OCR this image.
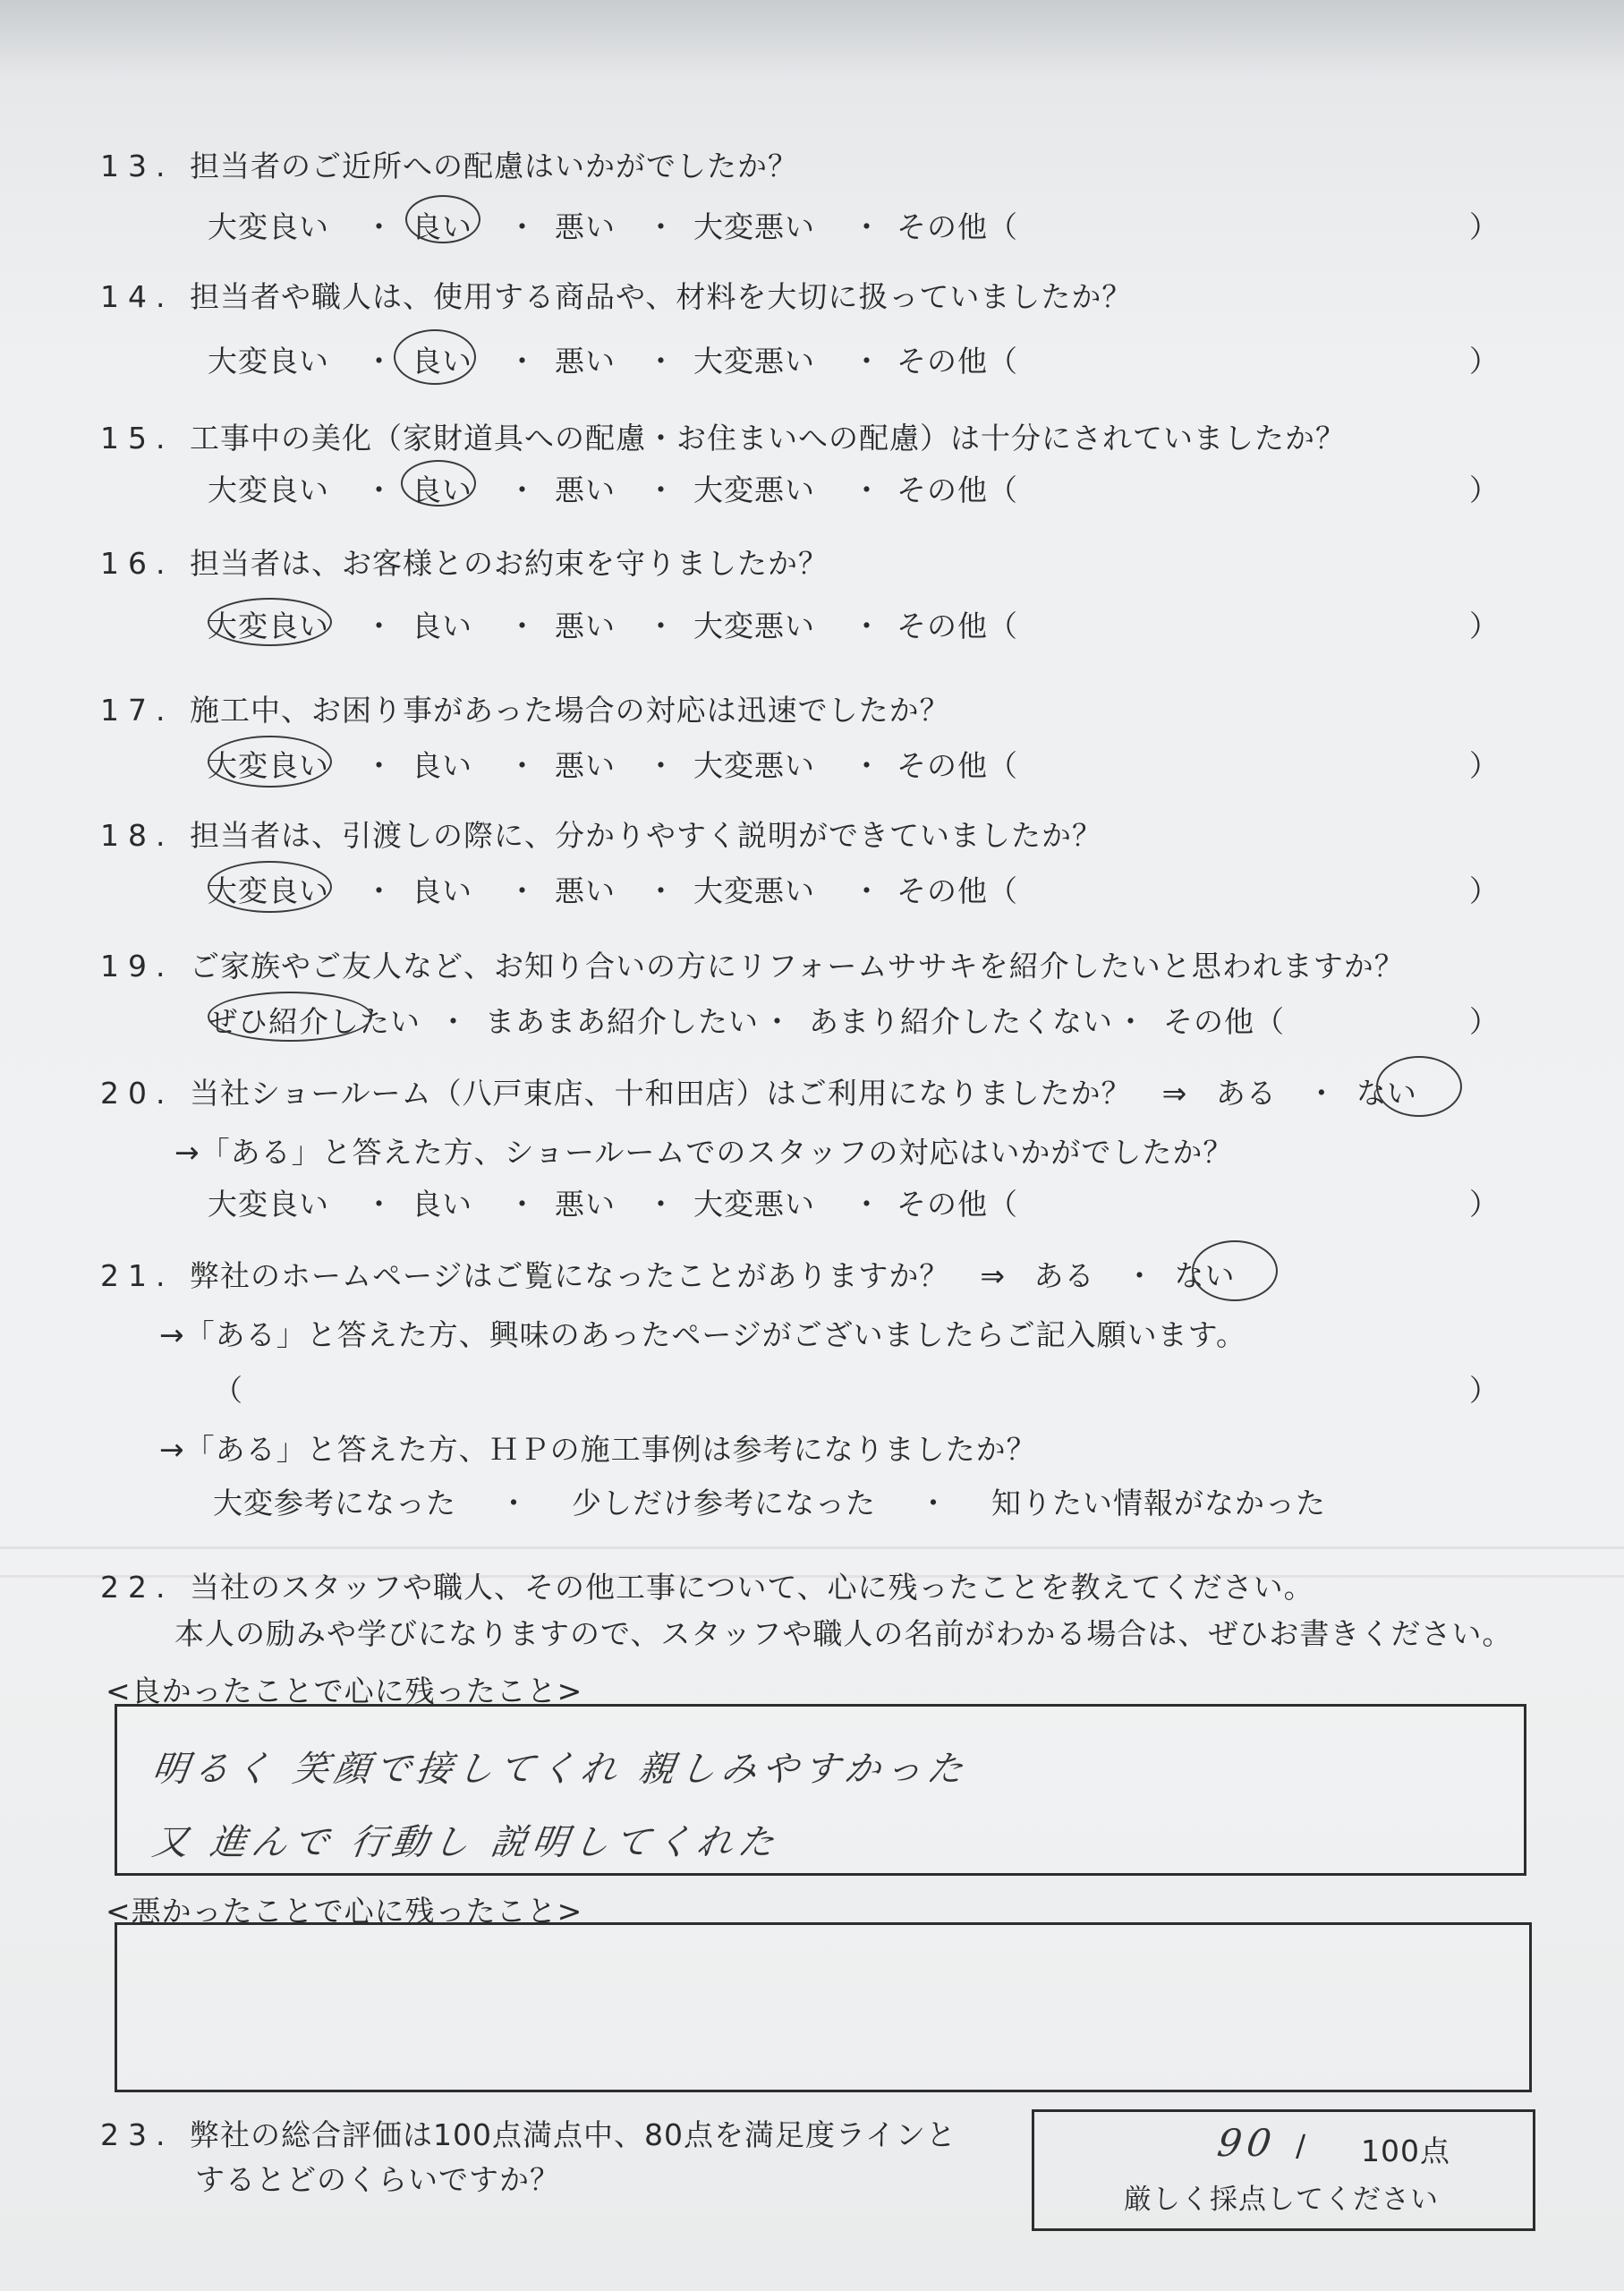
13. 担当者のご近所への配慮はいかがでしたか？
大変良い ・ 良い ・ 悪い ・ 大変悪い ・ その他（	）
14. 担当者や職人は、使用する商品や、材料を大切に扱っていましたか？
大変良い ・ 良い ・ 悪い ・ 大変悪い ・ その他（	）
15. 工事中の美化（家財道具への配慮・お住まいへの配慮）は十分にされていましたか？
大変良い ・ 良い ・ 悪い ・ 大変悪い ・ その他（	）
16. 担当者は、お客様とのお約束を守りましたか？
大変良い ・ 良い ・ 悪い ・ 大変悪い ・ その他（	）
17. 施工中、お困り事があった場合の対応は迅速でしたか？
大変良い ・ 良い ・ 悪い ・ 大変悪い ・ その他（	）
18. 担当者は、引渡しの際に、分かりやすく説明ができていましたか？
大変良い ・ 良い ・ 悪い ・ 大変悪い ・ その他（	）
19. ご家族やご友人など、お知り合いの方にリフォームササキを紹介したいと思われますか？
ぜひ紹介したい ・ まあまあ紹介したい ・ あまり紹介したくない ・ その他（	）
20. 当社ショールーム（八戸東店、十和田店）はご利用になりましたか？　⇒ ある ・ ない
→「ある」と答えた方、ショールームでのスタッフの対応はいかがでしたか？
大変良い ・ 良い ・ 悪い ・ 大変悪い ・ その他（	）
21. 弊社のホームページはご覧になったことがありますか？　⇒ ある ・ ない
→「ある」と答えた方、興味のあったページがございましたらご記入願います。
（	）
→「ある」と答えた方、ＨＰの施工事例は参考になりましたか？
大変参考になった ・ 少しだけ参考になった ・ 知りたい情報がなかった
22. 当社のスタッフや職人、その他工事について、心に残ったことを教えてください。
本人の励みや学びになりますので、スタッフや職人の名前がわかる場合は、ぜひお書きください。
<良かったことで心に残ったこと>
明るく 笑顔で接してくれ 親しみやすかった
又 進んで 行動し 説明してくれた
<悪かったことで心に残ったこと>
23. 弊社の総合評価は100点満点中、80点を満足度ラインと
するとどのくらいですか？
90 / 100点
厳しく採点してください
